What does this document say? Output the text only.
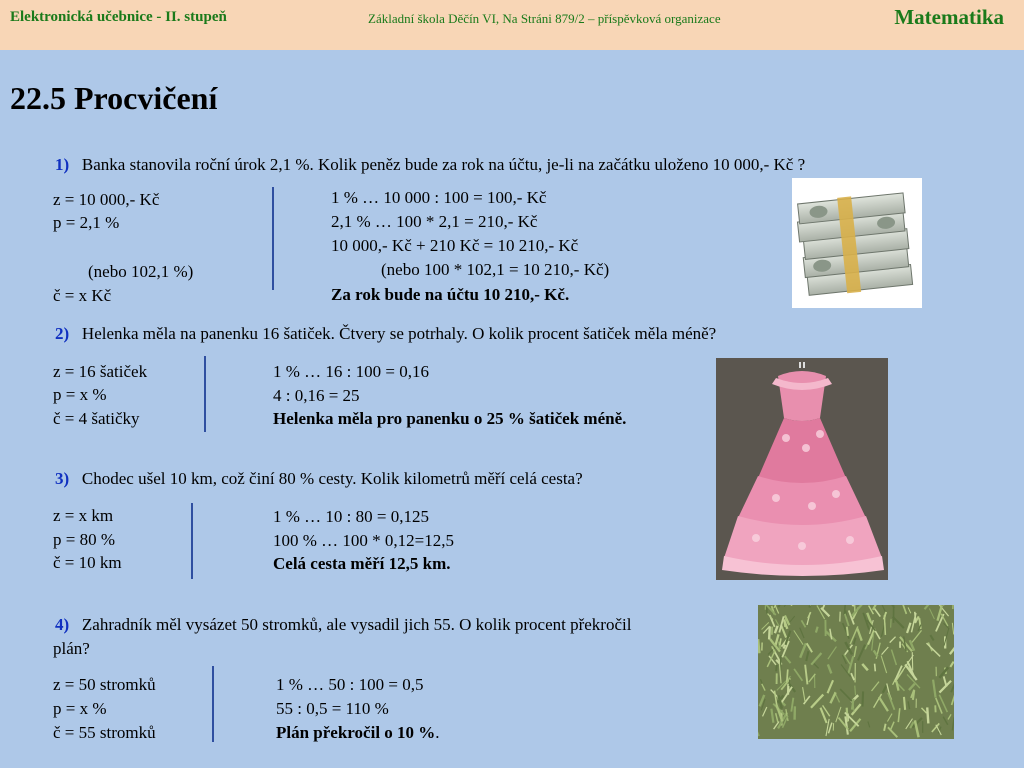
Elektronická učebnice - II. stupeň	Základní škola Děčín VI, Na Stráni 879/2 – příspěvková organizace	Matematika
22.5 Procvičení
1) Banka stanovila roční úrok 2,1 %. Kolik peněz bude za rok na účtu, je-li na začátku uloženo 10 000,- Kč ?
z = 10 000,- Kč
p = 2,1 %
(nebo 102,1 %)
č = x Kč
1 % … 10 000 : 100 = 100,- Kč
2,1 % … 100 * 2,1 = 210,- Kč
10 000,- Kč + 210 Kč = 10 210,- Kč
(nebo 100 * 102,1 = 10 210,- Kč)
Za rok bude na účtu 10 210,- Kč.
2) Helenka měla na panenku 16 šatiček. Čtvery se potrhaly. O kolik procent šatiček měla méně?
z = 16 šatiček
p = x %
č = 4 šatičky
1 % … 16 : 100 = 0,16
4 : 0,16 = 25
Helenka měla pro panenku o 25 % šatiček méně.
3) Chodec ušel 10 km, což činí 80 % cesty. Kolik kilometrů měří celá cesta?
z = x km
p = 80 %
č = 10 km
1 % … 10 : 80 = 0,125
100 % … 100 * 0,12=12,5
Celá cesta měří 12,5 km.
4) Zahradník měl vysázet 50 stromků, ale vysadil jich 55. O kolik procent překročil
plán?
z = 50 stromků
p = x %
č = 55 stromků
1 % … 50 : 100 = 0,5
55 : 0,5 = 110 %
Plán překročil o 10 %.
